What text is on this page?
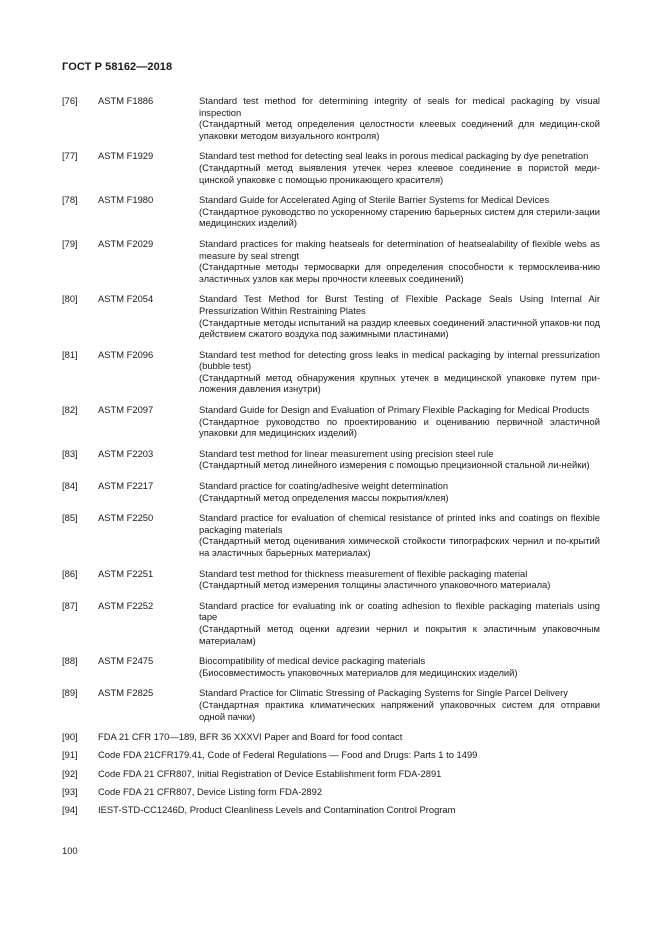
ГОСТ Р 58162—2018
[76] ASTM F1886	Standard test method for determining integrity of seals for medical packaging by visual inspection
(Стандартный метод определения целостности клеевых соединений для медицин-ской упаковки методом визуального контроля)
[77] ASTM F1929	Standard test method for detecting seal leaks in porous medical packaging by dye penetration
(Стандартный метод выявления утечек через клеевое соединение в пористой меди-цинской упаковке с помощью проникающего красителя)
[78] ASTM F1980	Standard Guide for Accelerated Aging of Sterile Barrier Systems for Medical Devices
(Стандартное руководство по ускоренному старению барьерных систем для стерили-зации медицинских изделий)
[79] ASTM F2029	Standard practices for making heatseals for determination of heatsealability of flexible webs as measure by seal strengt
(Стандартные методы термосварки для определения способности к термосклеива-нию эластичных узлов как меры прочности клеевых соединений)
[80] ASTM F2054	Standard Test Method for Burst Testing of Flexible Package Seals Using Internal Air Pressurization Within Restraining Plates
(Стандартные методы испытаний на раздир клеевых соединений эластичной упаков-ки под действием сжатого воздуха под зажимными пластинами)
[81] ASTM F2096	Standard test method for detecting gross leaks in medical packaging by internal pressurization (bubble test)
(Стандартный метод обнаружения крупных утечек в медицинской упаковке путем при-ложения давления изнутри)
[82] ASTM F2097	Standard Guide for Design and Evaluation of Primary Flexible Packaging for Medical Products
(Стандартное руководство по проектированию и оцениванию первичной эластичной упаковки для медицинских изделий)
[83] ASTM F2203	Standard test method for linear measurement using precision steel rule
(Стандартный метод линейного измерения с помощью прецизионной стальной ли-нейки)
[84] ASTM F2217	Standard practice for coating/adhesive weight determination
(Стандартный метод определения массы покрытия/клея)
[85] ASTM F2250	Standard practice for evaluation of chemical resistance of printed inks and coatings on flexible packaging materials
(Стандартный метод оценивания химической стойкости типографских чернил и по-крытий на эластичных барьерных материалах)
[86] ASTM F2251	Standard test method for thickness measurement of flexible packaging material
(Стандартный метод измерения толщины эластичного упаковочного материала)
[87] ASTM F2252	Standard practice for evaluating ink or coating adhesion to flexible packaging materials using tape
(Стандартный метод оценки адгезии чернил и покрытия к эластичным упаковочным материалам)
[88] ASTM F2475	Biocompatibility of medical device packaging materials
(Биосовместимость упаковочных материалов для медицинских изделий)
[89] ASTM F2825	Standard Practice for Climatic Stressing of Packaging Systems for Single Parcel Delivery
(Стандартная практика климатических напряжений упаковочных систем для отправки одной пачки)
[90] FDA 21 CFR 170—189, BFR 36 XXXVI Paper and Board for food contact
[91] Code FDA 21CFR179.41, Code of Federal Regulations — Food and Drugs: Parts 1 to 1499
[92] Code FDA 21 CFR807, Initial Registration of Device Establishment form FDA-2891
[93] Code FDA 21 CFR807, Device Listing form FDA-2892
[94] IEST-STD-CC1246D, Product Cleanliness Levels and Contamination Control Program
100
